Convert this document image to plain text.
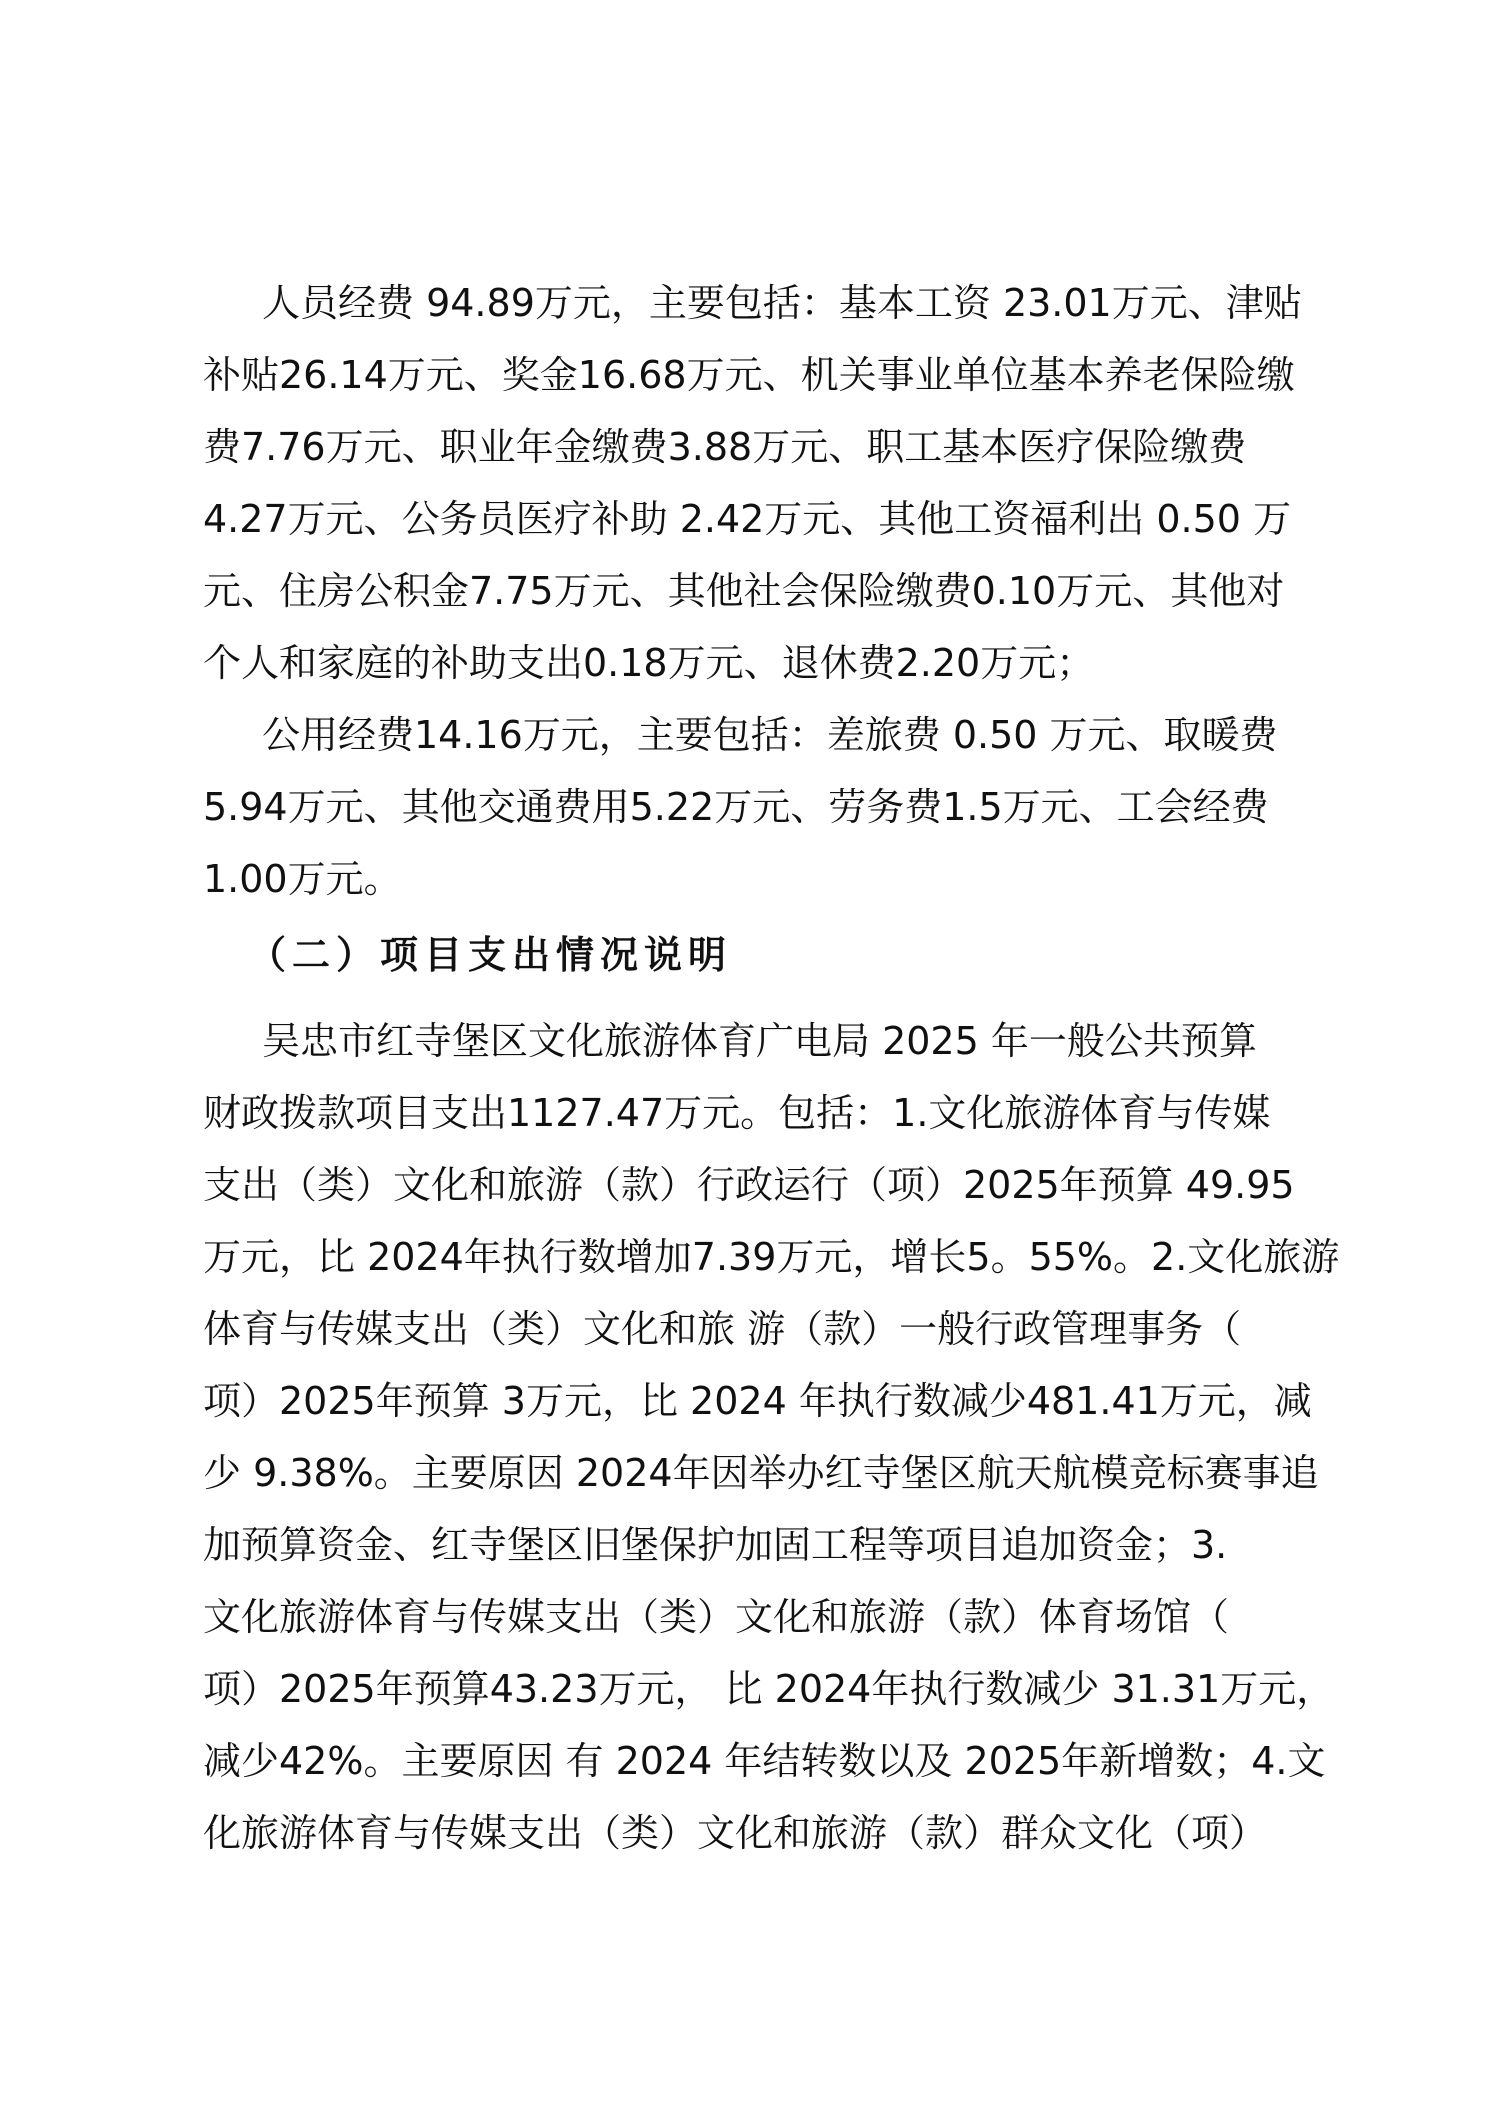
人员经费 94.89万元，主要包括：基本工资 23.01万元、津贴
补贴26.14万元、奖金16.68万元、机关事业单位基本养老保险缴
费7.76万元、职业年金缴费3.88万元、职工基本医疗保险缴费
4.27万元、公务员医疗补助 2.42万元、其他工资福利出 0.50 万
元、住房公积金7.75万元、其他社会保险缴费0.10万元、其他对
个人和家庭的补助支出0.18万元、退休费2.20万元；
公用经费14.16万元，主要包括：差旅费 0.50 万元、取暖费
5.94万元、其他交通费用5.22万元、劳务费1.5万元、工会经费
1.00万元。
（二）项目支出情况说明
吴忠市红寺堡区文化旅游体育广电局 2025 年一般公共预算
财政拨款项目支出1127.47万元。包括：1.文化旅游体育与传媒
支出（类）文化和旅游（款）行政运行（项）2025年预算 49.95
万元，比 2024年执行数增加7.39万元，增长5。55%。2.文化旅游
体育与传媒支出（类）文化和旅 游（款）一般行政管理事务（
项）2025年预算 3万元，比 2024 年执行数减少481.41万元，减
少 9.38%。主要原因 2024年因举办红寺堡区航天航模竞标赛事追
加预算资金、红寺堡区旧堡保护加固工程等项目追加资金；3.
文化旅游体育与传媒支出（类）文化和旅游（款）体育场馆（
项）2025年预算43.23万元， 比 2024年执行数减少 31.31万元，
减少42%。主要原因 有 2024 年结转数以及 2025年新增数；4.文
化旅游体育与传媒支出（类）文化和旅游（款）群众文化（项）
